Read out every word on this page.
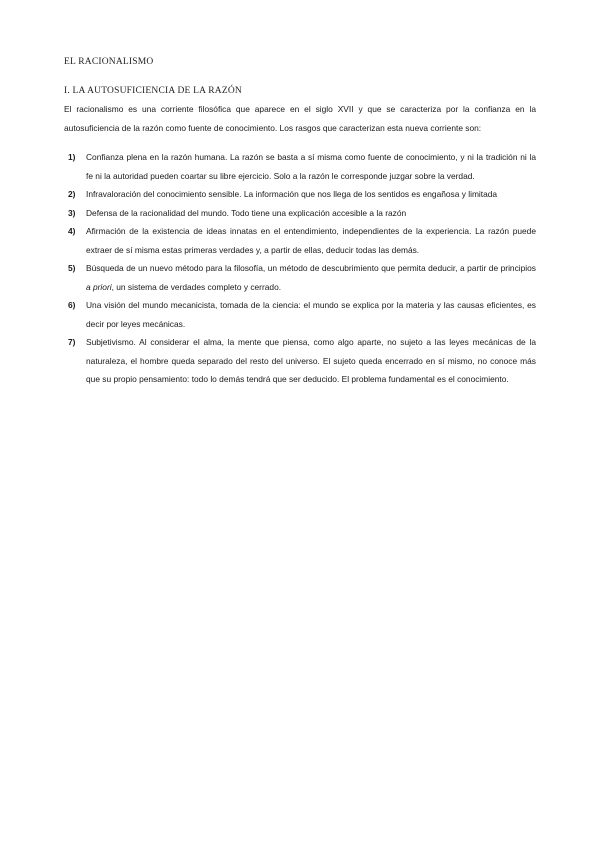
EL RACIONALISMO
I. LA AUTOSUFICIENCIA DE LA RAZÓN

El racionalismo es una corriente filosófica que aparece en el siglo XVII y que se caracteriza por la confianza en la autosuficiencia de la razón como fuente de conocimiento. Los rasgos que caracterizan esta nueva corriente son:

1) Confianza plena en la razón humana. La razón se basta a sí misma como fuente de conocimiento, y ni la tradición ni la fe ni la autoridad pueden coartar su libre ejercicio. Solo a la razón le corresponde juzgar sobre la verdad.
2) Infravaloración del conocimiento sensible. La información que nos llega de los sentidos es engañosa y limitada
3) Defensa de la racionalidad del mundo. Todo tiene una explicación accesible a la razón
4) Afirmación de la existencia de ideas innatas en el entendimiento, independientes de la experiencia. La razón puede extraer de sí misma estas primeras verdades y, a partir de ellas, deducir todas las demás.
5) Búsqueda de un nuevo método para la filosofía, un método de descubrimiento que permita deducir, a partir de principios a priori, un sistema de verdades completo y cerrado.
6) Una visión del mundo mecanicista, tomada de la ciencia: el mundo se explica por la materia y las causas eficientes, es decir por leyes mecánicas.
7) Subjetivismo. Al considerar el alma, la mente que piensa, como algo aparte, no sujeto a las leyes mecánicas de la naturaleza, el hombre queda separado del resto del universo. El sujeto queda encerrado en sí mismo, no conoce más que su propio pensamiento: todo lo demás tendrá que ser deducido. El problema fundamental es el conocimiento.
